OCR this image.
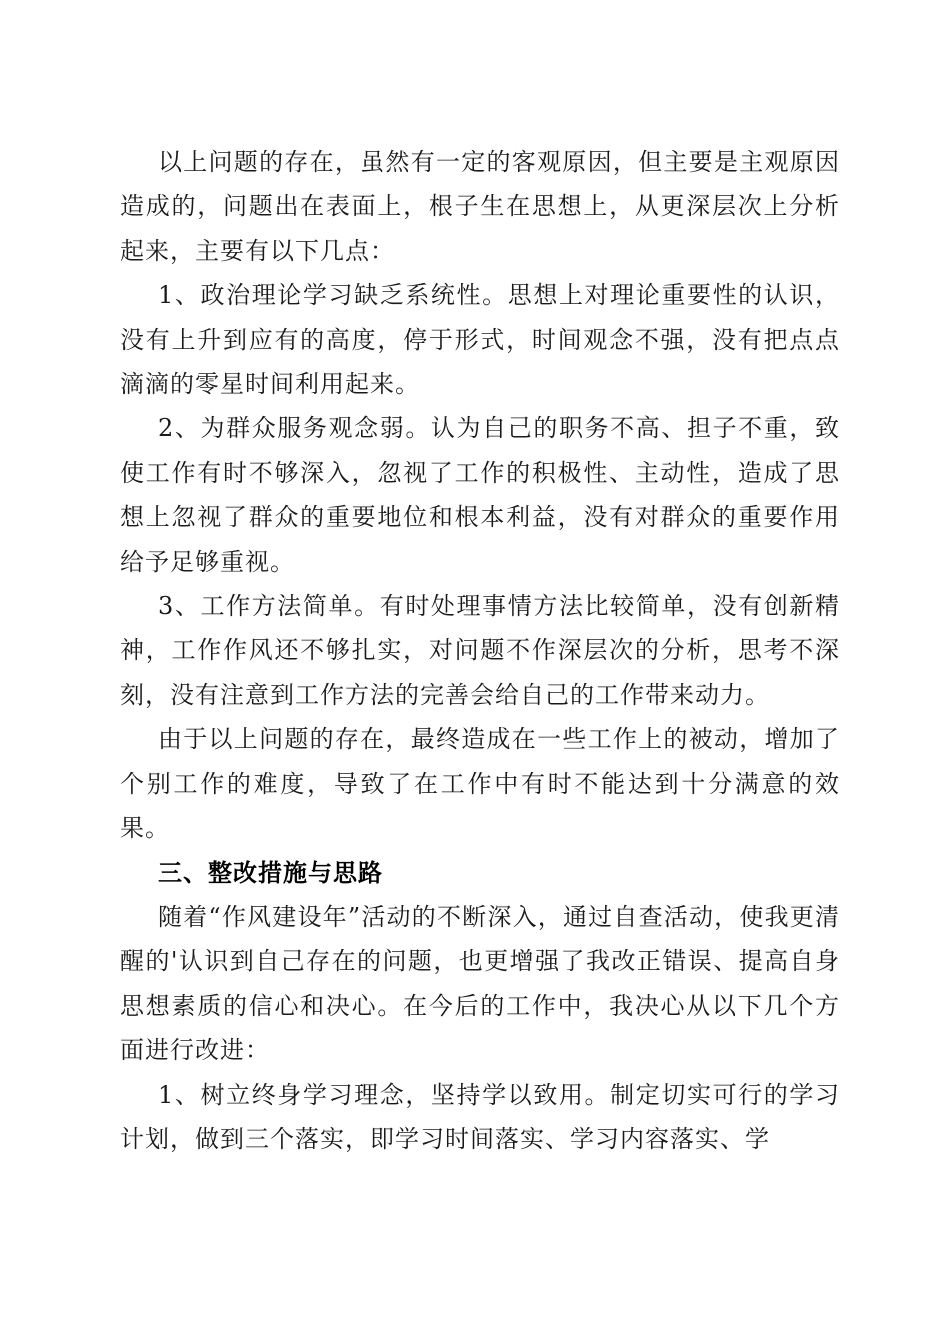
以上问题的存在，虽然有一定的客观原因，但主要是主观原因造成的，问题出在表面上，根子生在思想上，从更深层次上分析起来，主要有以下几点：

1、政治理论学习缺乏系统性。思想上对理论重要性的认识，没有上升到应有的高度，停于形式，时间观念不强，没有把点点滴滴的零星时间利用起来。

2、为群众服务观念弱。认为自己的职务不高、担子不重，致使工作有时不够深入，忽视了工作的积极性、主动性，造成了思想上忽视了群众的重要地位和根本利益，没有对群众的重要作用给予足够重视。

3、工作方法简单。有时处理事情方法比较简单，没有创新精神，工作作风还不够扎实，对问题不作深层次的分析，思考不深刻，没有注意到工作方法的完善会给自己的工作带来动力。

由于以上问题的存在，最终造成在一些工作上的被动，增加了个别工作的难度，导致了在工作中有时不能达到十分满意的效果。

三、整改措施与思路

随着“作风建设年”活动的不断深入，通过自查活动，使我更清醒的'认识到自己存在的问题，也更增强了我改正错误、提高自身思想素质的信心和决心。在今后的工作中，我决心从以下几个方面进行改进：

1、树立终身学习理念，坚持学以致用。制定切实可行的学习计划，做到三个落实，即学习时间落实、学习内容落实、学
